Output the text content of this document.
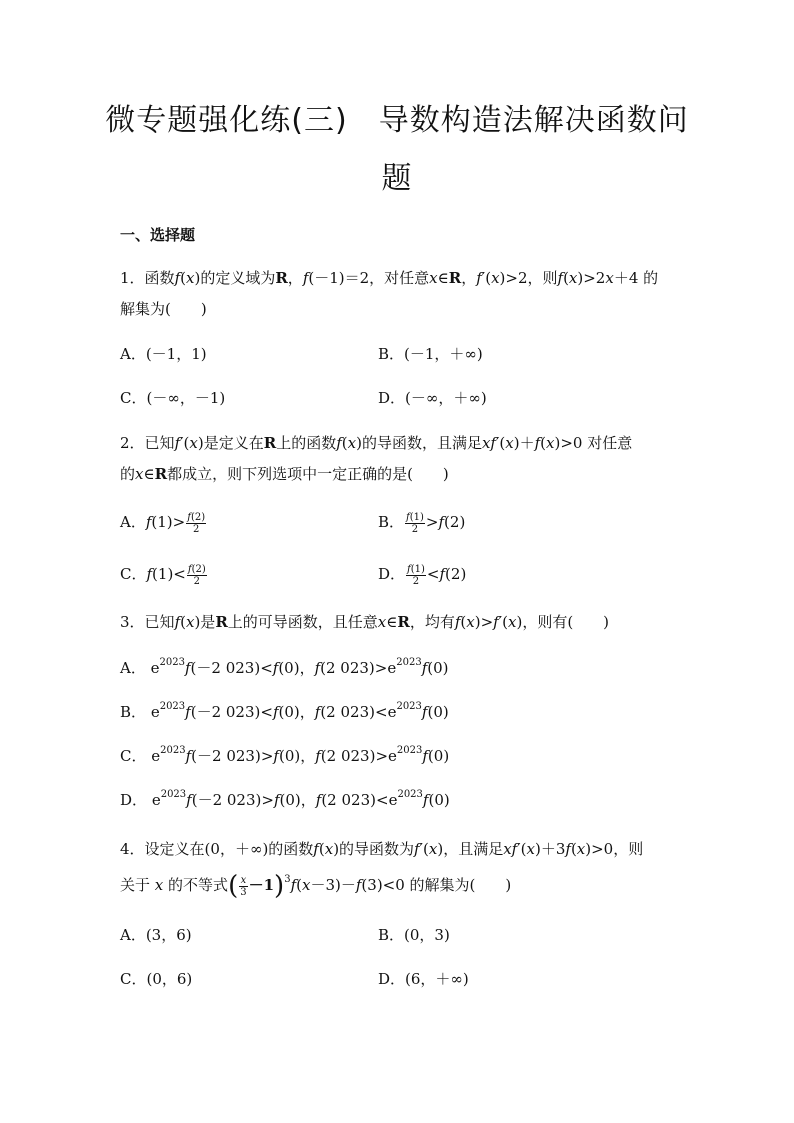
微专题强化练(三)　导数构造法解决函数问
题
一、选择题
1．函数f(x)的定义域为R，f(－1)＝2，对任意x∈R，f′(x)>2，则f(x)>2x＋4 的
解集为(　　)
A．(－1，1)	B．(－1，＋∞)
C．(－∞，－1)	D．(－∞，＋∞)
2．已知f′(x)是定义在R上的函数f(x)的导函数，且满足xf′(x)＋f(x)>0 对任意
的x∈R都成立，则下列选项中一定正确的是(　　)
A．$f(1)> \frac{f(2)}{2}$	B． $\frac{f(1)}{2} >f(2)$
C．$f(1)< \frac{f(2)}{2}$	D． $\frac{f(1)}{2} <f(2)$
3．已知f(x)是R上的可导函数，且任意x∈R，均有f(x)>f′(x)，则有(　　)
A． $e^{2023}f(-2$ 023)<f(0)，f(2 $023)>e^{2023}f(0)$
B． $e^{2023}f(-2$ 023)<f(0)，f(2 $023)<e^{2023}f(0)$
C． $e^{2023}f(-2$ 023)>f(0)，f(2 $023)>e^{2023}f(0)$
D． $e^{2023}f(-2$ 023)>f(0)，f(2 $023)<e^{2023}f(0)$
4．设定义在(0，＋∞)的函数f(x)的导函数为f′(x)，且满足xf′(x)＋3f(x)>0，则
关于 x 的不等式( $\frac{x}{3} -1)^3f(x-3)-f(3)<0$ 的解集为(　　)
A．(3，6)	B．(0，3)
C．(0，6)	D．(6，＋∞)
